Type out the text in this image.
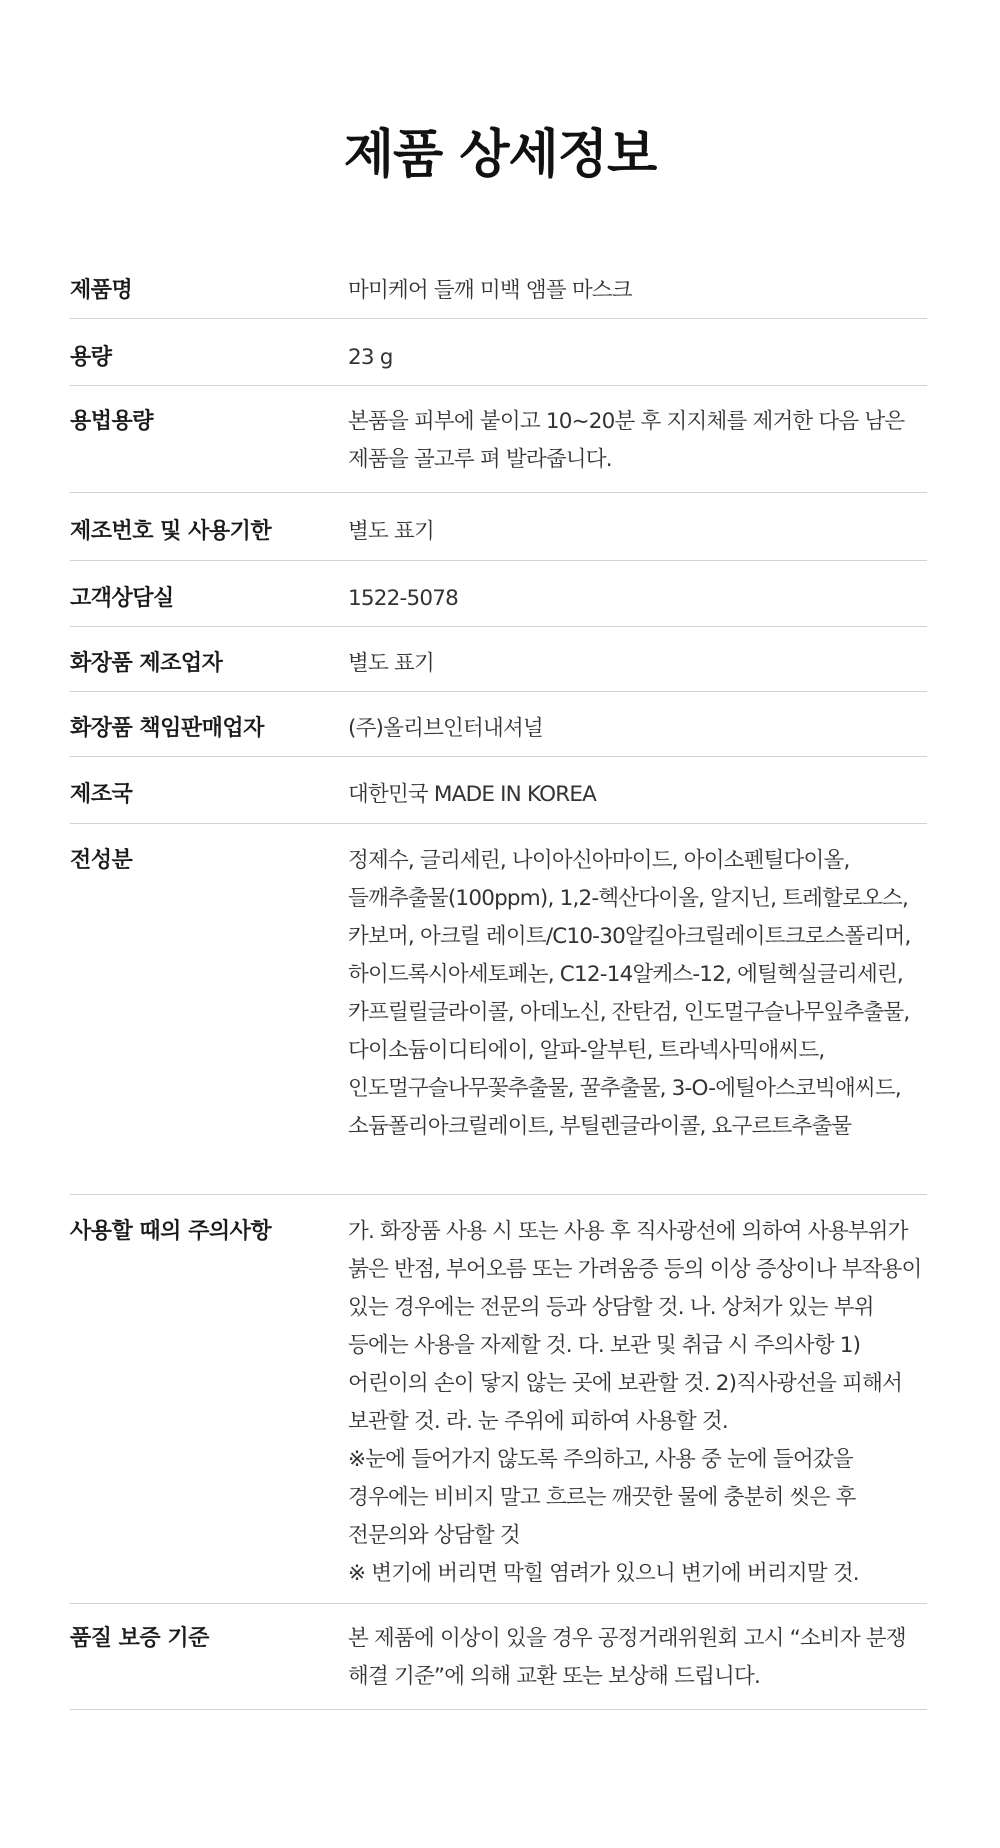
제품 상세정보
제품명	마미케어 들깨 미백 앰플 마스크
용량	23 g
용법용량	본품을 피부에 붙이고 10~20분 후 지지체를 제거한 다음 남은 제품을 골고루 펴 발라줍니다.
제조번호 및 사용기한	별도 표기
고객상담실	1522-5078
화장품 제조업자	별도 표기
화장품 책임판매업자	(주)올리브인터내셔널
제조국	대한민국 MADE IN KOREA
전성분	정제수, 글리세린, 나이아신아마이드, 아이소펜틸다이올, 들깨추출물(100ppm), 1,2-헥산다이올, 알지닌, 트레할로오스, 카보머, 아크릴 레이트/C10-30알킬아크릴레이트크로스폴리머, 하이드록시아세토페논, C12-14알케스-12, 에틸헥실글리세린, 카프릴릴글라이콜, 아데노신, 잔탄검, 인도멀구슬나무잎추출물, 다이소듐이디티에이, 알파-알부틴, 트라넥사믹애씨드, 인도멀구슬나무꽃추출물, 꿀추출물, 3-O-에틸아스코빅애씨드, 소듐폴리아크릴레이트, 부틸렌글라이콜, 요구르트추출물
사용할 때의 주의사항	가. 화장품 사용 시 또는 사용 후 직사광선에 의하여 사용부위가 붉은 반점, 부어오름 또는 가려움증 등의 이상 증상이나 부작용이 있는 경우에는 전문의 등과 상담할 것. 나. 상처가 있는 부위 등에는 사용을 자제할 것. 다. 보관 및 취급 시 주의사항 1) 어린이의 손이 닿지 않는 곳에 보관할 것. 2)직사광선을 피해서 보관할 것. 라. 눈 주위에 피하여 사용할 것.
※눈에 들어가지 않도록 주의하고, 사용 중 눈에 들어갔을 경우에는 비비지 말고 흐르는 깨끗한 물에 충분히 씻은 후 전문의와 상담할 것
※ 변기에 버리면 막힐 염려가 있으니 변기에 버리지말 것.
품질 보증 기준	본 제품에 이상이 있을 경우 공정거래위원회 고시 “소비자 분쟁 해결 기준”에 의해 교환 또는 보상해 드립니다.
